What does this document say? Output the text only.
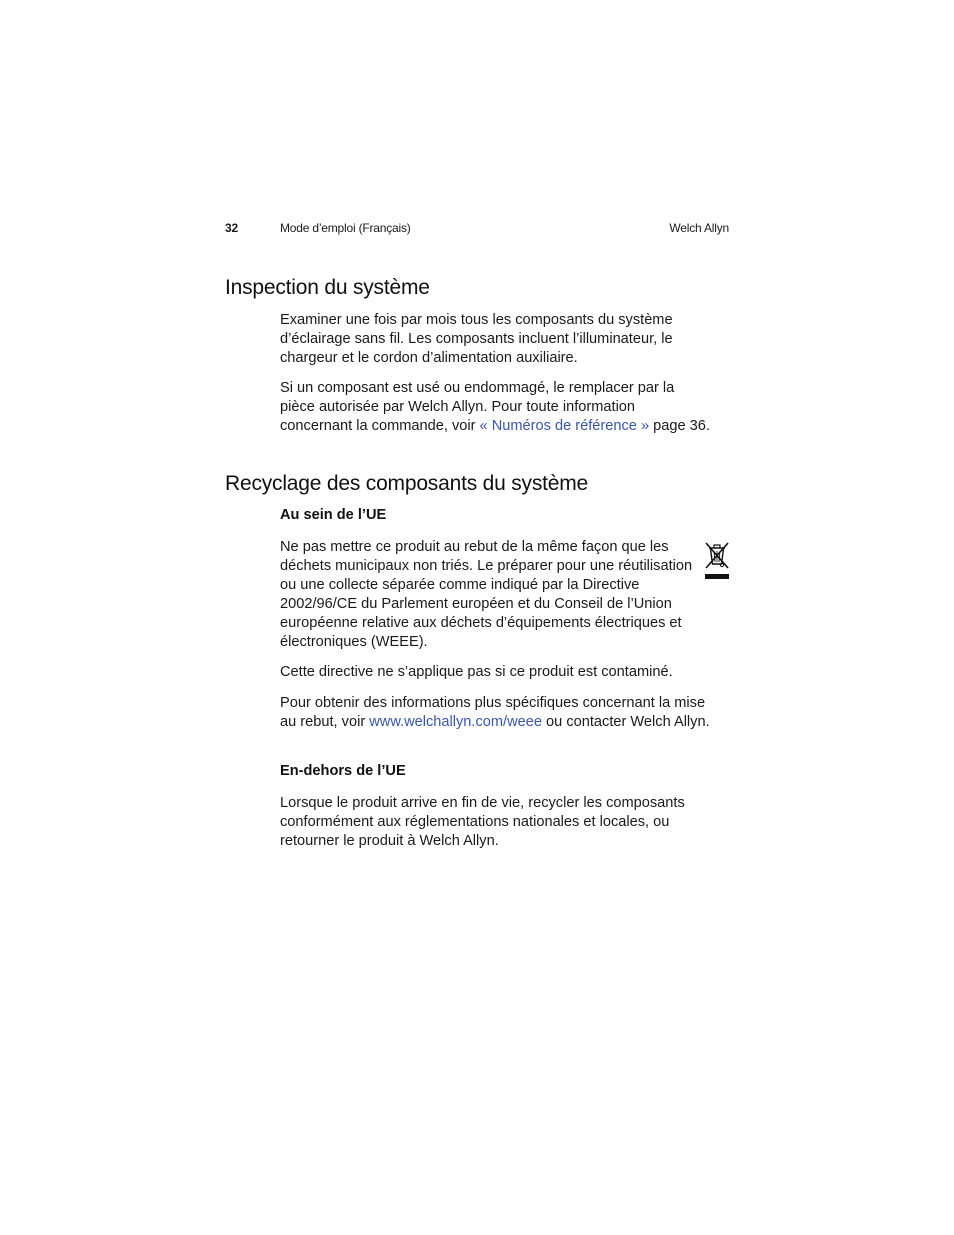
32	Mode d’emploi (Français)	Welch Allyn
Inspection du système

Examiner une fois par mois tous les composants du système d’éclairage sans fil. Les composants incluent l’illuminateur, le chargeur et le cordon d’alimentation auxiliaire.

Si un composant est usé ou endommagé, le remplacer par la pièce autorisée par Welch Allyn. Pour toute information concernant la commande, voir « Numéros de référence » page 36.

Recyclage des composants du système

Au sein de l’UE

Ne pas mettre ce produit au rebut de la même façon que les déchets municipaux non triés. Le préparer pour une réutilisation ou une collecte séparée comme indiqué par la Directive 2002/96/CE du Parlement européen et du Conseil de l’Union européenne relative aux déchets d’équipements électriques et électroniques (WEEE).

Cette directive ne s’applique pas si ce produit est contaminé.

Pour obtenir des informations plus spécifiques concernant la mise au rebut, voir www.welchallyn.com/weee ou contacter Welch Allyn.

En-dehors de l’UE

Lorsque le produit arrive en fin de vie, recycler les composants conformément aux réglementations nationales et locales, ou retourner le produit à Welch Allyn.
